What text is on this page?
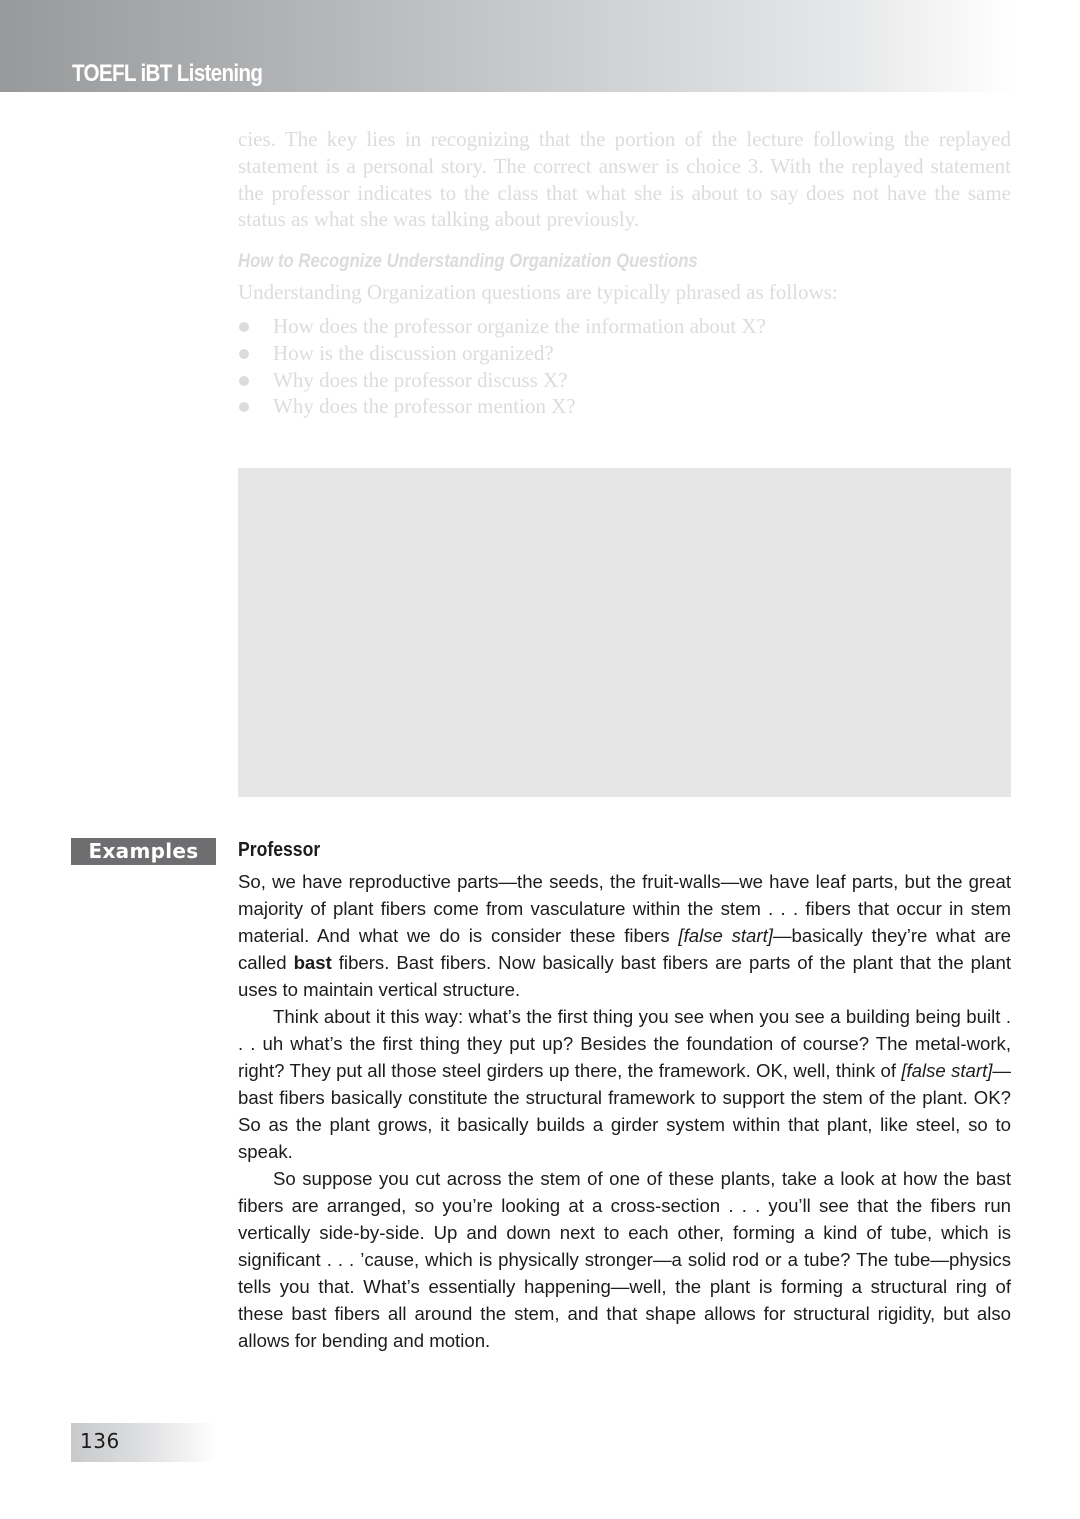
TOEFL iBT Listening

cies. The key lies in recognizing that the portion of the lecture following the replayed statement is a personal story. The correct answer is choice 3. With the replayed statement the professor indicates to the class that what she is about to say does not have the same status as what she was talking about previously.

How to Recognize Understanding Organization Questions
Understanding Organization questions are typically phrased as follows:
How does the professor organize the information about X?
How is the discussion organized?
Why does the professor discuss X?
Why does the professor mention X?
Examples	Professor

So, we have reproductive parts—the seeds, the fruit-walls—we have leaf parts, but the great majority of plant fibers come from vasculature within the stem . . . fibers that occur in stem material. And what we do is consider these fibers [false start]—basically they’re what are called bast fibers. Bast fibers. Now basically bast fibers are parts of the plant that the plant uses to maintain vertical structure.

Think about it this way: what’s the first thing you see when you see a building being built . . . uh what’s the first thing they put up? Besides the foundation of course? The metal-work, right? They put all those steel girders up there, the framework. OK, well, think of [false start]—bast fibers basically constitute the structural framework to support the stem of the plant. OK? So as the plant grows, it basically builds a girder system within that plant, like steel, so to speak.

So suppose you cut across the stem of one of these plants, take a look at how the bast fibers are arranged, so you’re looking at a cross-section . . . you’ll see that the fibers run vertically side-by-side. Up and down next to each other, forming a kind of tube, which is significant . . . ’cause, which is physically stronger—a solid rod or a tube? The tube—physics tells you that. What’s essentially happening—well, the plant is forming a structural ring of these bast fibers all around the stem, and that shape allows for structural rigidity, but also allows for bending and motion.

136
